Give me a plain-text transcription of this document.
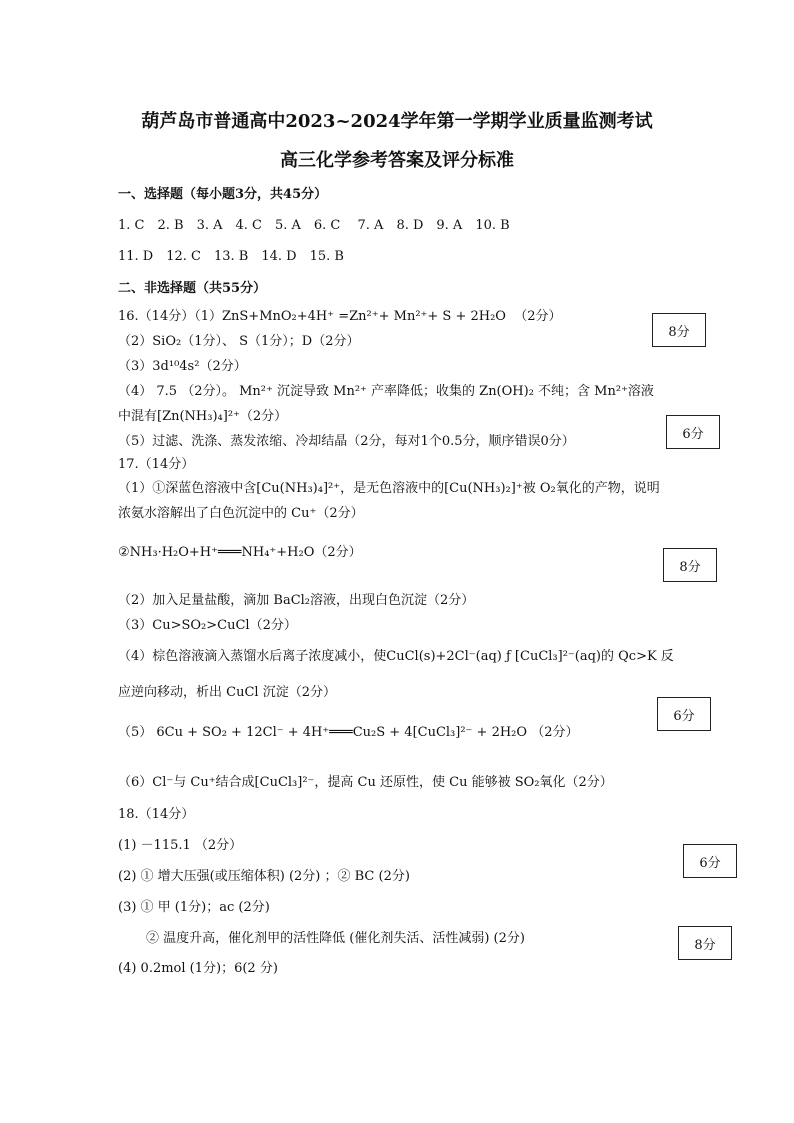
葫芦岛市普通高中2023~2024学年第一学期学业质量监测考试
高三化学参考答案及评分标准
一、选择题（每小题3分，共45分）
1. C　2. B　3. A　4. C　5. A　6. C　 7. A　8. D　9. A　10. B
11. D　12. C　13. B　14. D　15. B
二、非选择题（共55分）
16.（14分）（1）ZnS+MnO₂+4H⁺ =Zn²⁺+ Mn²⁺+ S + 2H₂O （2分）
（2）SiO₂（1分）、 S（1分）；D（2分）
（3）3d¹⁰4s²（2分）
（4） 7.5 （2分）。 Mn²⁺ 沉淀导致 Mn²⁺ 产率降低；收集的 Zn(OH)₂ 不纯；含 Mn²⁺溶液
中混有[Zn(NH₃)₄]²⁺（2分）
（5）过滤、洗涤、蒸发浓缩、冷却结晶（2分，每对1个0.5分，顺序错误0分）
17.（14分）
（1）①深蓝色溶液中含[Cu(NH₃)₄]²⁺，是无色溶液中的[Cu(NH₃)₂]⁺被 O₂氧化的产物，说明
浓氨水溶解出了白色沉淀中的 Cu⁺（2分）
②NH₃·H₂O+H⁺═══NH₄⁺+H₂O（2分）
（2）加入足量盐酸，滴加 BaCl₂溶液，出现白色沉淀（2分）
（3）Cu>SO₂>CuCl（2分）
（4）棕色溶液滴入蒸馏水后离子浓度减小，使CuCl(s)+2Cl⁻(aq) ƒ [CuCl₃]²⁻(aq)的 Qc>K 反
应逆向移动，析出 CuCl 沉淀（2分）
（5） 6Cu + SO₂ + 12Cl⁻ + 4H⁺═══Cu₂S + 4[CuCl₃]²⁻ + 2H₂O （2分）
（6）Cl⁻与 Cu⁺结合成[CuCl₃]²⁻，提高 Cu 还原性，使 Cu 能够被 SO₂氧化（2分）
18.（14分）
(1) －115.1 （2分）
(2) ① 增大压强(或压缩体积) (2分) ；② BC (2分)
(3) ① 甲 (1分)；ac (2分)
② 温度升高，催化剂甲的活性降低 (催化剂失活、活性减弱) (2分)
(4) 0.2mol (1分)；6(2 分)
8分
6分
8分
6分
6分
8分
